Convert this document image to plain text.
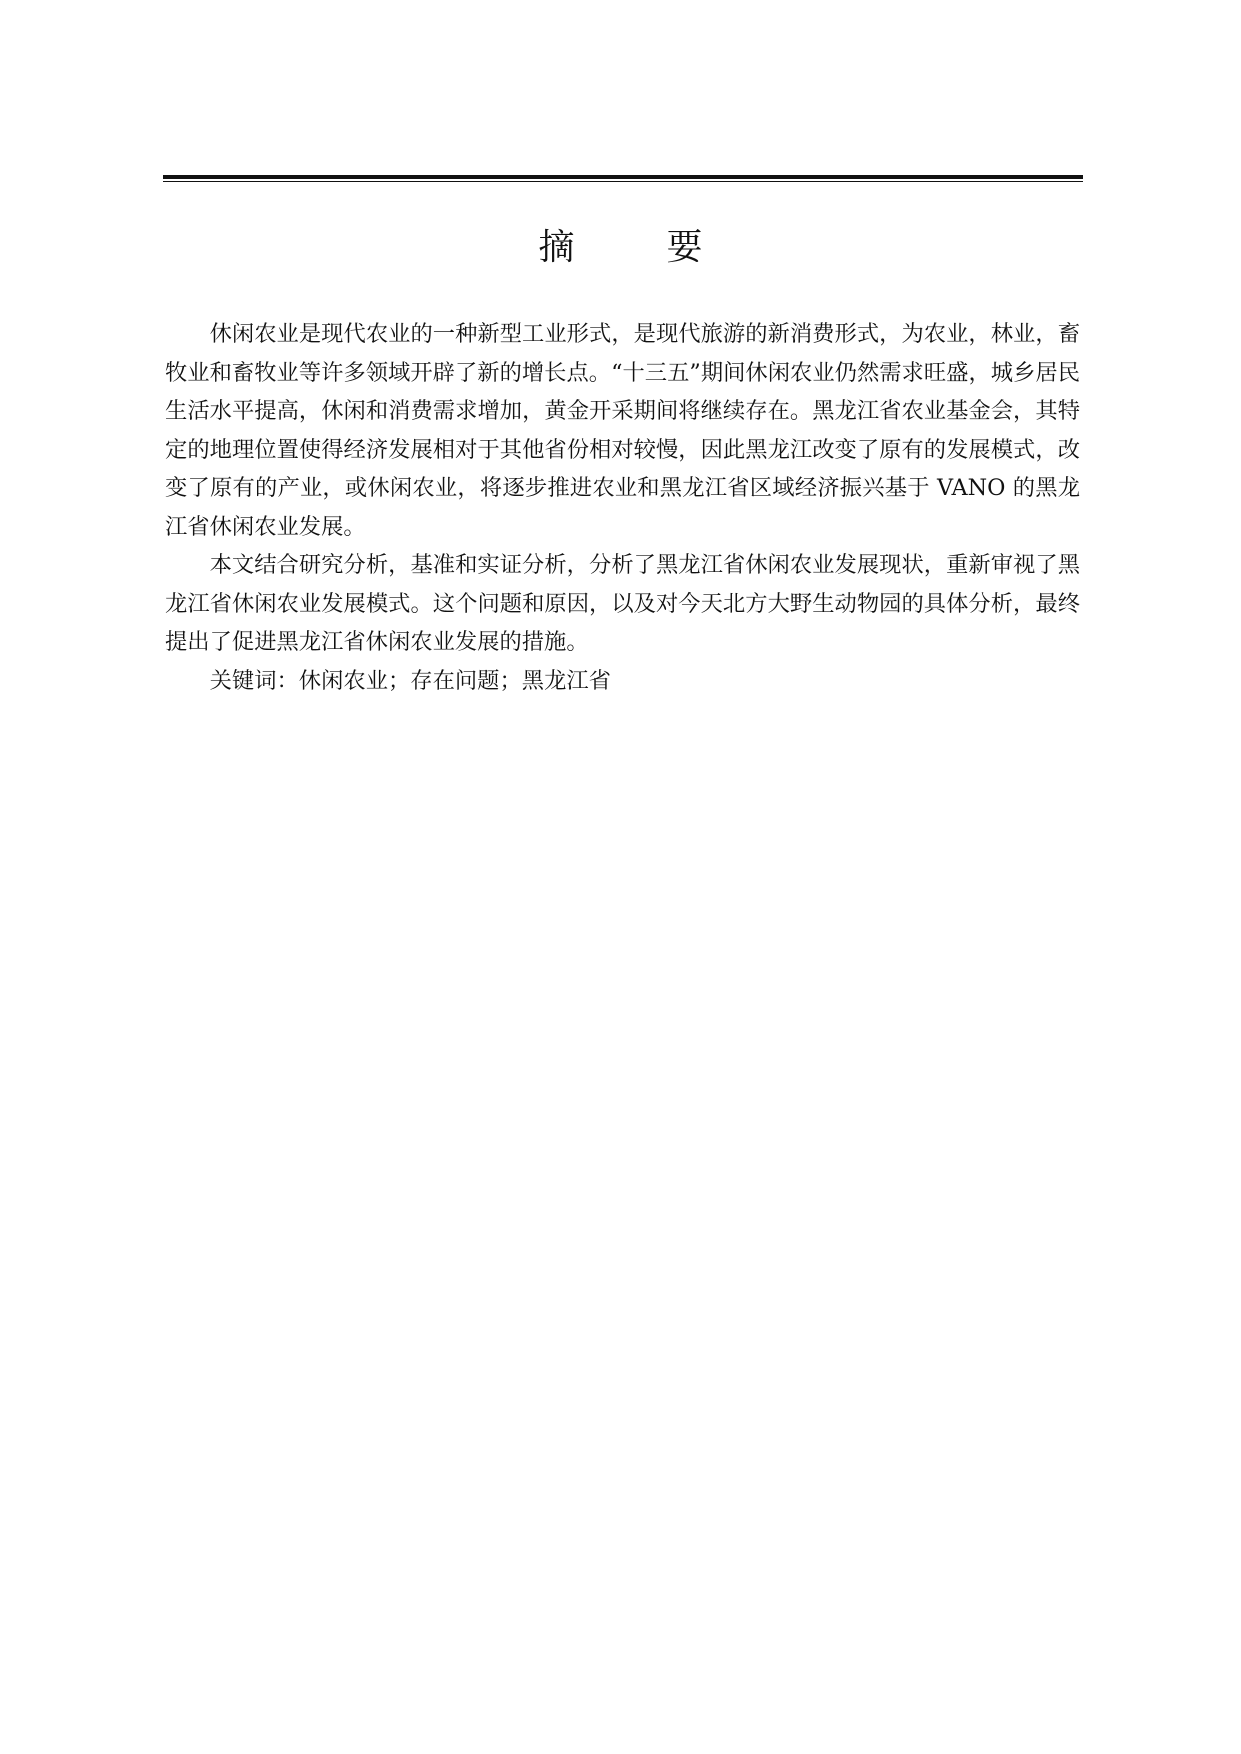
摘　要

休闲农业是现代农业的一种新型工业形式，是现代旅游的新消费形式，为农业，林业，畜牧业和畜牧业等许多领域开辟了新的增长点。“十三五”期间休闲农业仍然需求旺盛，城乡居民生活水平提高，休闲和消费需求增加，黄金开采期间将继续存在。黑龙江省农业基金会，其特定的地理位置使得经济发展相对于其他省份相对较慢，因此黑龙江改变了原有的发展模式，改变了原有的产业，或休闲农业，将逐步推进农业和黑龙江省区域经济振兴基于 VANO 的黑龙江省休闲农业发展。

本文结合研究分析，基准和实证分析，分析了黑龙江省休闲农业发展现状，重新审视了黑龙江省休闲农业发展模式。这个问题和原因，以及对今天北方大野生动物园的具体分析，最终提出了促进黑龙江省休闲农业发展的措施。

关键词：休闲农业；存在问题；黑龙江省
